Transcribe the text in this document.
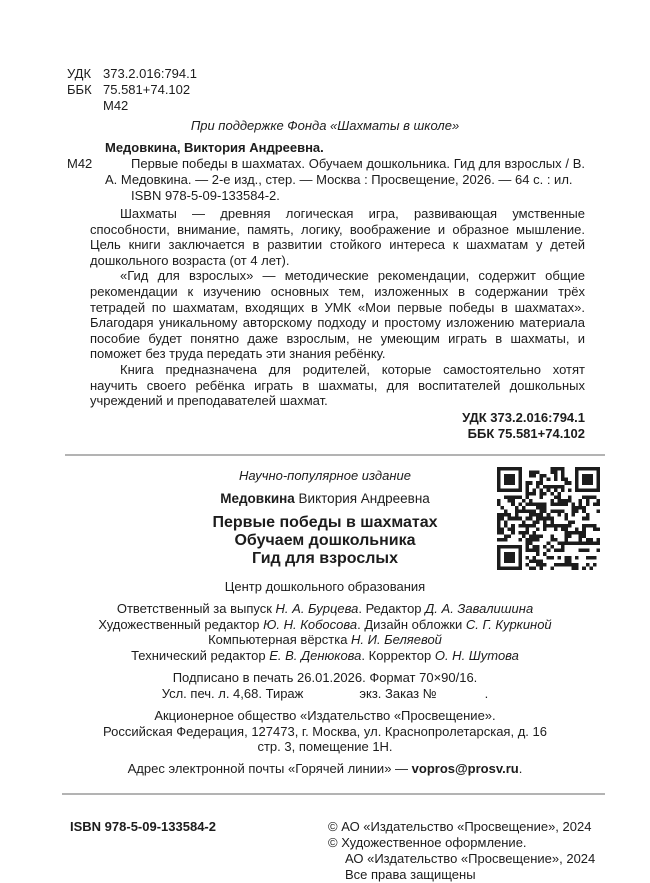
УДК 373.2.016:794.1
ББК 75.581+74.102
М42
При поддержке Фонда «Шахматы в школе»
Медовкина, Виктория Андреевна.
М42	Первые победы в шахматах. Обучаем дошкольника. Гид для взрослых / В. А. Медовкина. — 2-е изд., стер. — Москва : Просвещение, 2026. — 64 с. : ил.
ISBN 978-5-09-133584-2.

Шахматы — древняя логическая игра, развивающая умственные способности, внимание, память, логику, воображение и образное мышление. Цель книги заключается в развитии стойкого интереса к шахматам у детей дошкольного возраста (от 4 лет).

«Гид для взрослых» — методические рекомендации, содержит общие рекомендации к изучению основных тем, изложенных в содержании трёх тетрадей по шахматам, входящих в УМК «Мои первые победы в шахматах». Благодаря уникальному авторскому подходу и простому изложению материала пособие будет понятно даже взрослым, не умеющим играть в шахматы, и поможет без труда передать эти знания ребёнку.

Книга предназначена для родителей, которые самостоятельно хотят научить своего ребёнка играть в шахматы, для воспитателей дошкольных учреждений и преподавателей шахмат.

УДК 373.2.016:794.1
ББК 75.581+74.102
Научно-популярное издание
Медовкина Виктория Андреевна
Первые победы в шахматах
Обучаем дошкольника
Гид для взрослых
Центр дошкольного образования
Ответственный за выпуск Н. А. Бурцева. Редактор Д. А. Завалишина
Художественный редактор Ю. Н. Кобосова. Дизайн обложки С. Г. Куркиной
Компьютерная вёрстка Н. И. Беляевой
Технический редактор Е. В. Денюкова. Корректор О. Н. Шутова
Подписано в печать 26.01.2026. Формат 70×90/16.
Усл. печ. л. 4,68. Тираж	экз. Заказ №	.
Акционерное общество «Издательство «Просвещение».
Российская Федерация, 127473, г. Москва, ул. Краснопролетарская, д. 16
стр. 3, помещение 1Н.
Адрес электронной почты «Горячей линии» — vopros@prosv.ru.
ISBN 978-5-09-133584-2	© АО «Издательство «Просвещение», 2024
© Художественное оформление.
АО «Издательство «Просвещение», 2024
Все права защищены
